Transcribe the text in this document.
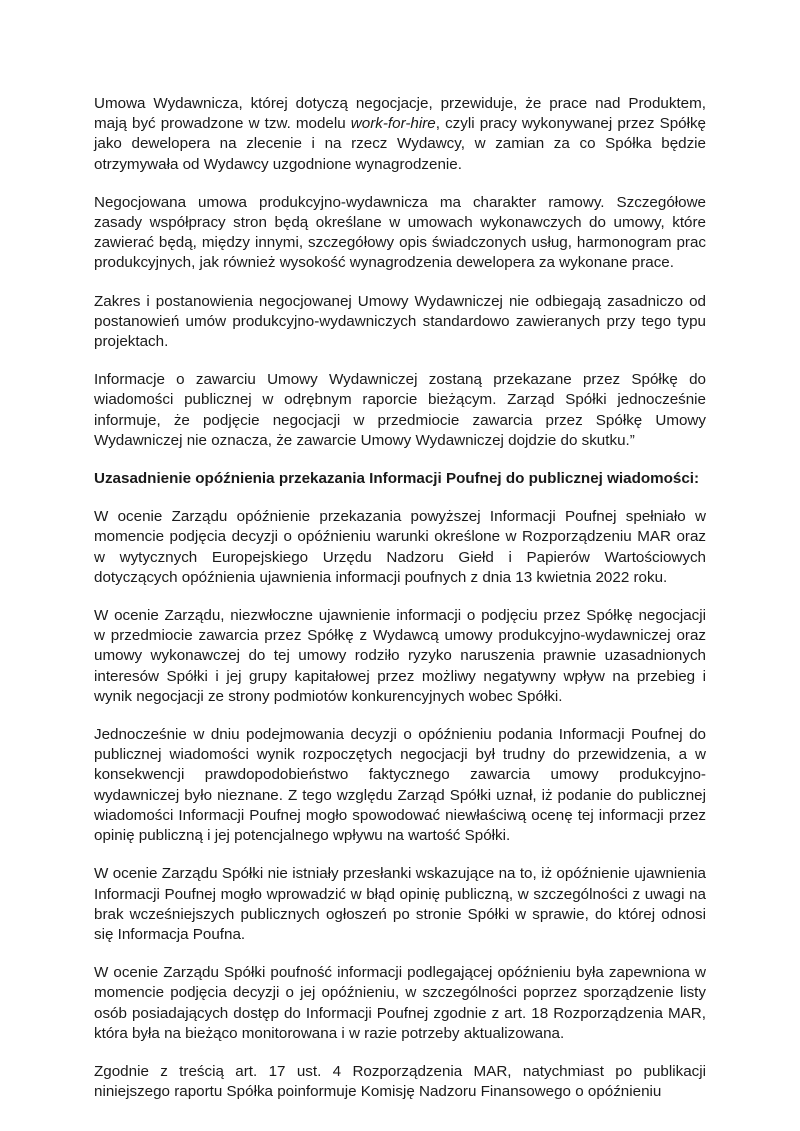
Umowa Wydawnicza, której dotyczą negocjacje, przewiduje, że prace nad Produktem, mają być prowadzone w tzw. modelu work-for-hire, czyli pracy wykonywanej przez Spółkę jako dewelopera na zlecenie i na rzecz Wydawcy, w zamian za co Spółka będzie otrzymywała od Wydawcy uzgodnione wynagrodzenie.

Negocjowana umowa produkcyjno-wydawnicza ma charakter ramowy. Szczegółowe zasady współpracy stron będą określane w umowach wykonawczych do umowy, które zawierać będą, między innymi, szczegółowy opis świadczonych usług, harmonogram prac produkcyjnych, jak również wysokość wynagrodzenia dewelopera za wykonane prace.

Zakres i postanowienia negocjowanej Umowy Wydawniczej nie odbiegają zasadniczo od postanowień umów produkcyjno-wydawniczych standardowo zawieranych przy tego typu projektach.

Informacje o zawarciu Umowy Wydawniczej zostaną przekazane przez Spółkę do wiadomości publicznej w odrębnym raporcie bieżącym. Zarząd Spółki jednocześnie informuje, że podjęcie negocjacji w przedmiocie zawarcia przez Spółkę Umowy Wydawniczej nie oznacza, że zawarcie Umowy Wydawniczej dojdzie do skutku.”

Uzasadnienie opóźnienia przekazania Informacji Poufnej do publicznej wiadomości:

W ocenie Zarządu opóźnienie przekazania powyższej Informacji Poufnej spełniało w momencie podjęcia decyzji o opóźnieniu warunki określone w Rozporządzeniu MAR oraz w wytycznych Europejskiego Urzędu Nadzoru Giełd i Papierów Wartościowych dotyczących opóźnienia ujawnienia informacji poufnych z dnia 13 kwietnia 2022 roku.

W ocenie Zarządu, niezwłoczne ujawnienie informacji o podjęciu przez Spółkę negocjacji w przedmiocie zawarcia przez Spółkę z Wydawcą umowy produkcyjno-wydawniczej oraz umowy wykonawczej do tej umowy rodziło ryzyko naruszenia prawnie uzasadnionych interesów Spółki i jej grupy kapitałowej przez możliwy negatywny wpływ na przebieg i wynik negocjacji ze strony podmiotów konkurencyjnych wobec Spółki.

Jednocześnie w dniu podejmowania decyzji o opóźnieniu podania Informacji Poufnej do publicznej wiadomości wynik rozpoczętych negocjacji był trudny do przewidzenia, a w konsekwencji prawdopodobieństwo faktycznego zawarcia umowy produkcyjno-wydawniczej było nieznane. Z tego względu Zarząd Spółki uznał, iż podanie do publicznej wiadomości Informacji Poufnej mogło spowodować niewłaściwą ocenę tej informacji przez opinię publiczną i jej potencjalnego wpływu na wartość Spółki.

W ocenie Zarządu Spółki nie istniały przesłanki wskazujące na to, iż opóźnienie ujawnienia Informacji Poufnej mogło wprowadzić w błąd opinię publiczną, w szczególności z uwagi na brak wcześniejszych publicznych ogłoszeń po stronie Spółki w sprawie, do której odnosi się Informacja Poufna.

W ocenie Zarządu Spółki poufność informacji podlegającej opóźnieniu była zapewniona w momencie podjęcia decyzji o jej opóźnieniu, w szczególności poprzez sporządzenie listy osób posiadających dostęp do Informacji Poufnej zgodnie z art. 18 Rozporządzenia MAR, która była na bieżąco monitorowana i w razie potrzeby aktualizowana.

Zgodnie z treścią art. 17 ust. 4 Rozporządzenia MAR, natychmiast po publikacji niniejszego raportu Spółka poinformuje Komisję Nadzoru Finansowego o opóźnieniu
